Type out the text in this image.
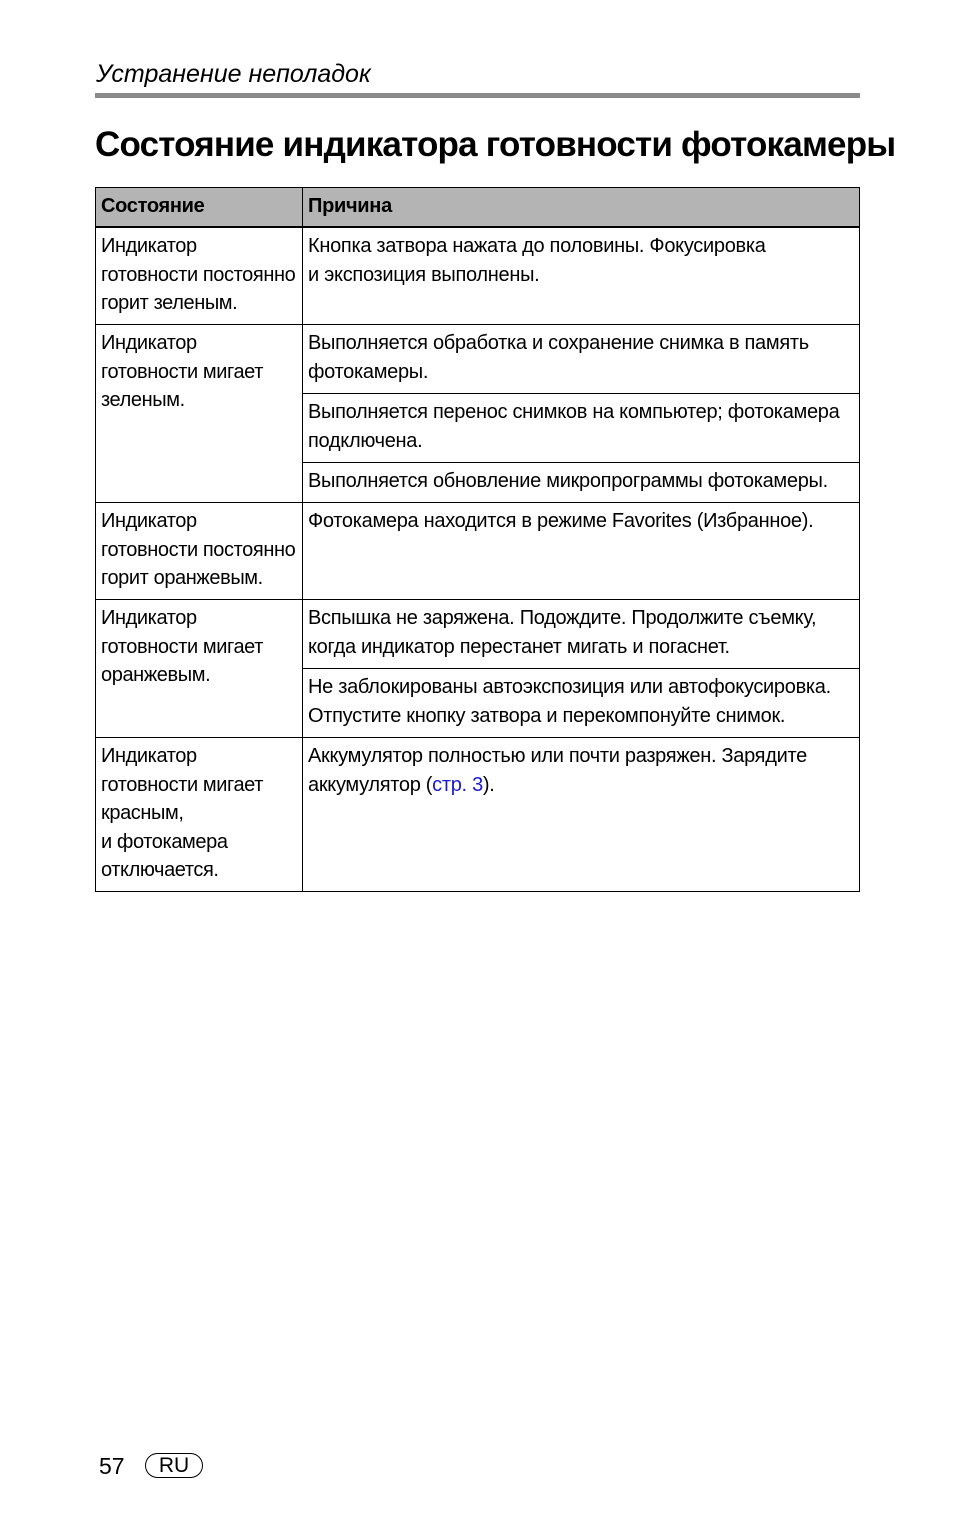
Устранение неполадок
Состояние индикатора готовности фотокамеры
Состояние	Причина
Индикатор
готовности постоянно
горит зеленым.	Кнопка затвора нажата до половины. Фокусировка
и экспозиция выполнены.
Индикатор
готовности мигает
зеленым.	Выполняется обработка и сохранение снимка в память
фотокамеры.
	Выполняется перенос снимков на компьютер; фотокамера
подключена.
	Выполняется обновление микропрограммы фотокамеры.
Индикатор
готовности постоянно
горит оранжевым.	Фотокамера находится в режиме Favorites (Избранное).
Индикатор
готовности мигает
оранжевым.	Вспышка не заряжена. Подождите. Продолжите съемку,
когда индикатор перестанет мигать и погаснет.
	Не заблокированы автоэкспозиция или автофокусировка.
Отпустите кнопку затвора и перекомпонуйте снимок.
Индикатор
готовности мигает
красным,
и фотокамера
отключается.	Аккумулятор полностью или почти разряжен. Зарядите
аккумулятор (стр. 3).
57	RU
